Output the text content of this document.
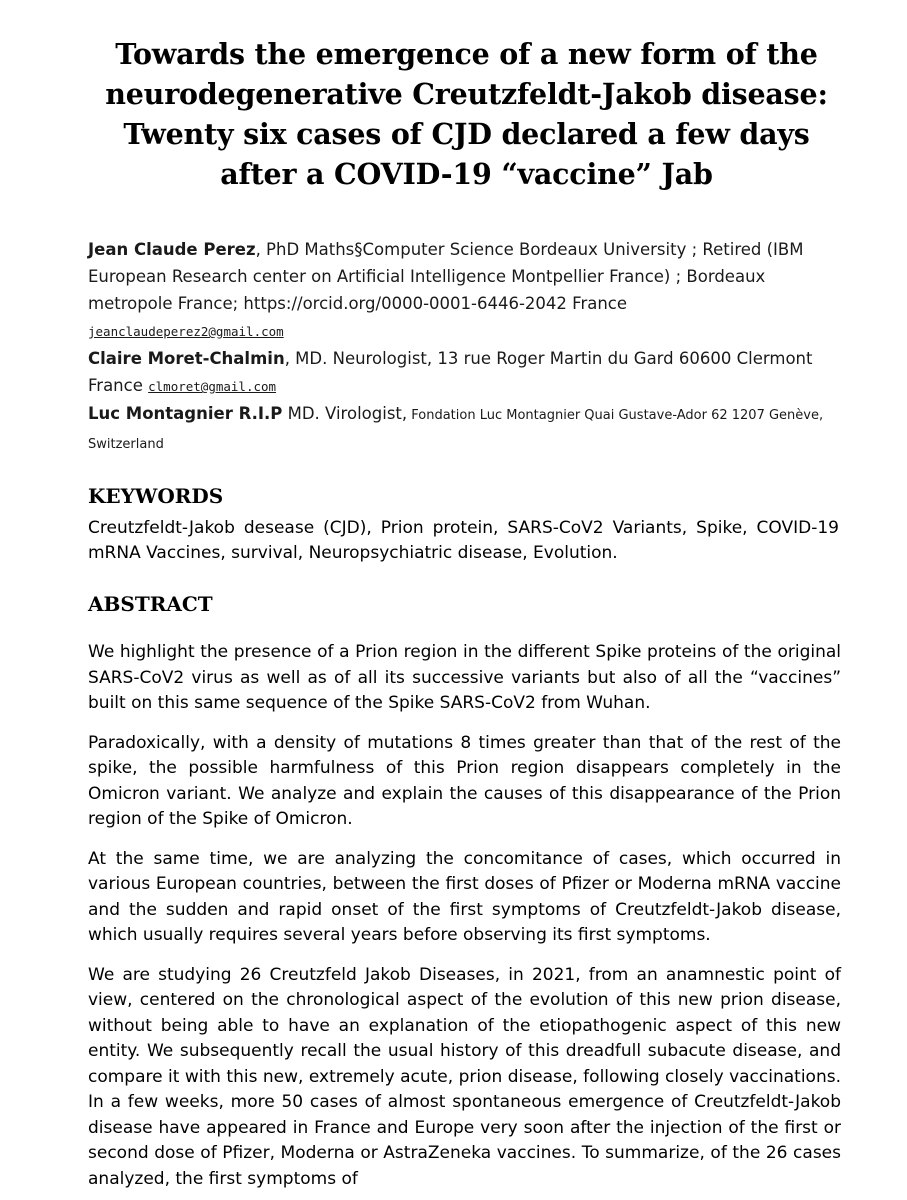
Towards the emergence of a new form of the neurodegenerative Creutzfeldt-Jakob disease: Twenty six cases of CJD declared a few days after a COVID-19 “vaccine” Jab
Jean Claude Perez, PhD Maths§Computer Science Bordeaux University ; Retired (IBM European Research center on Artificial Intelligence Montpellier France) ; Bordeaux metropole France; https://orcid.org/0000-0001-6446-2042 France
jeanclaudeperez2@gmail.com
Claire Moret-Chalmin, MD. Neurologist, 13 rue Roger Martin du Gard 60600 Clermont France clmoret@gmail.com
Luc Montagnier R.I.P MD. Virologist, Fondation Luc Montagnier Quai Gustave-Ador 62 1207 Genève, Switzerland
KEYWORDS

Creutzfeldt-Jakob desease (CJD), Prion protein, SARS-CoV2 Variants, Spike, COVID-19 mRNA Vaccines, survival, Neuropsychiatric disease, Evolution.

ABSTRACT

We highlight the presence of a Prion region in the different Spike proteins of the original SARS-CoV2 virus as well as of all its successive variants but also of all the “vaccines” built on this same sequence of the Spike SARS-CoV2 from Wuhan.

Paradoxically, with a density of mutations 8 times greater than that of the rest of the spike, the possible harmfulness of this Prion region disappears completely in the Omicron variant. We analyze and explain the causes of this disappearance of the Prion region of the Spike of Omicron.

At the same time, we are analyzing the concomitance of cases, which occurred in various European countries, between the first doses of Pfizer or Moderna mRNA vaccine and the sudden and rapid onset of the first symptoms of Creutzfeldt-Jakob disease, which usually requires several years before observing its first symptoms.

We are studying 26 Creutzfeld Jakob Diseases, in 2021, from an anamnestic point of view, centered on the chronological aspect of the evolution of this new prion disease, without being able to have an explanation of the etiopathogenic aspect of this new entity. We subsequently recall the usual history of this dreadfull subacute disease, and compare it with this new, extremely acute, prion disease, following closely vaccinations. In a few weeks, more 50 cases of almost spontaneous emergence of Creutzfeldt-Jakob disease have appeared in France and Europe very soon after the injection of the first or second dose of Pfizer, Moderna or AstraZeneka vaccines. To summarize, of the 26 cases analyzed, the first symptoms of
